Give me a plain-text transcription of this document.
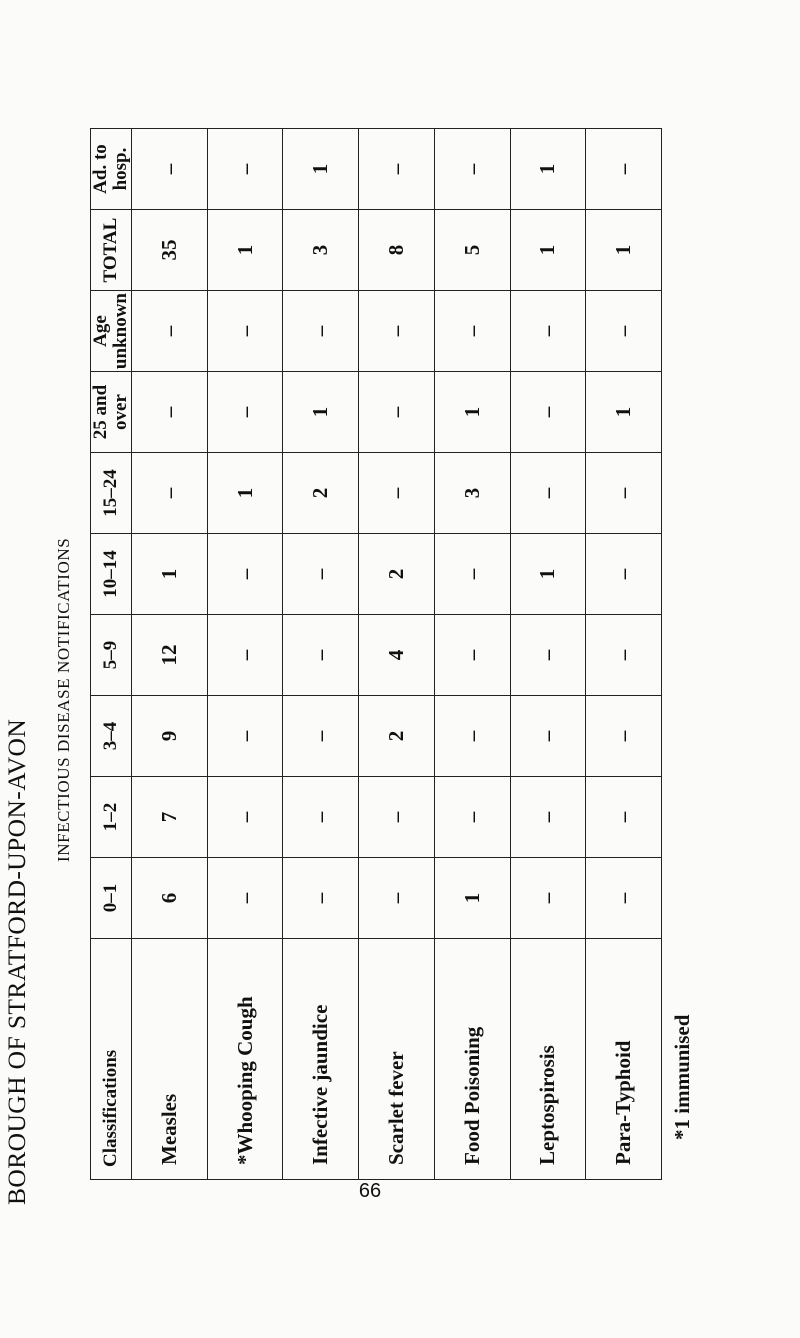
BOROUGH OF STRATFORD-UPON-AVON
INFECTIOUS DISEASE NOTIFICATIONS
Classifications	0–1	1–2	3–4	5–9	10–14	15–24	25 and over	Age unknown	TOTAL	Ad. to hosp.
Measles	6	7	9	12	1	–	–	–	35	–
*Whooping Cough	–	–	–	–	–	1	–	–	1	–
Infective jaundice	–	–	–	–	–	2	1	–	3	1
Scarlet fever	–	–	2	4	2	–	–	–	8	–
Food Poisoning	1	–	–	–	–	3	1	–	5	–
Leptospirosis	–	–	–	–	1	–	–	–	1	1
Para-Typhoid	–	–	–	–	–	–	1	–	1	–
66
*1 immunised
